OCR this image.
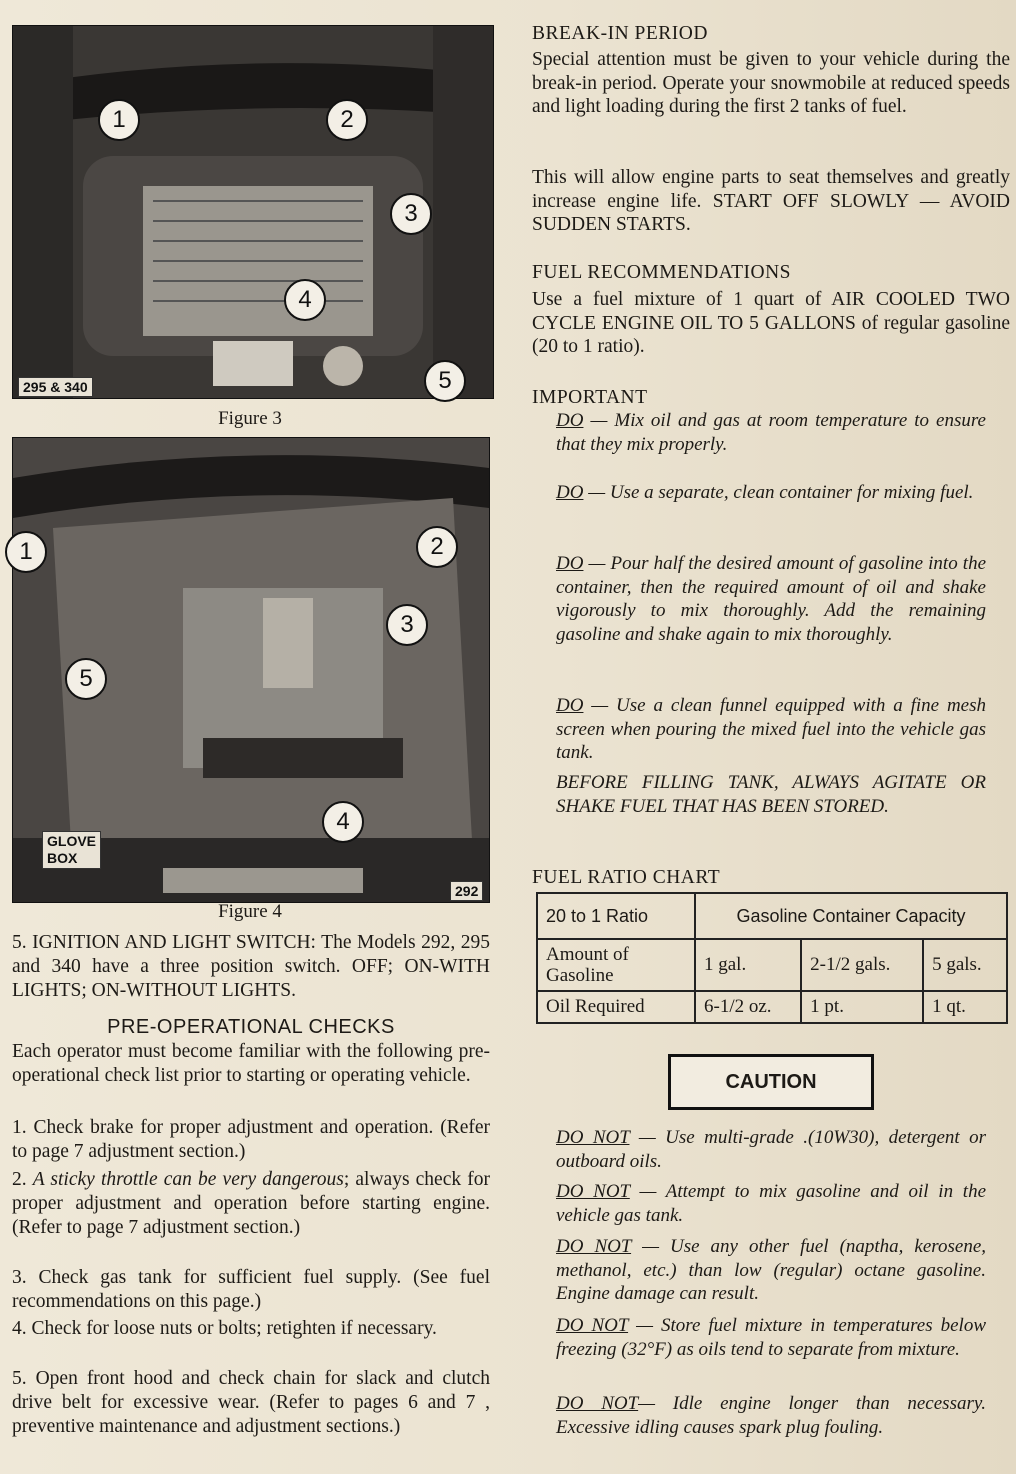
295 & 340
1	2
3
4
5
Figure 3
GLOVE
BOX
292
1	2
3
4
5
Figure 4
5. IGNITION AND LIGHT SWITCH: The Models 292, 295 and 340 have a three position switch. OFF; ON-WITH LIGHTS; ON-WITHOUT LIGHTS.
PRE-OPERATIONAL CHECKS
Each operator must become familiar with the following pre-operational check list prior to starting or operating vehicle.
1. Check brake for proper adjustment and operation. (Refer to page 7 adjustment section.)
2. A sticky throttle can be very dangerous; always check for proper adjustment and operation before starting engine. (Refer to page 7 adjustment section.)
3. Check gas tank for sufficient fuel supply. (See fuel recommendations on this page.)
4. Check for loose nuts or bolts; retighten if necessary.
5. Open front hood and check chain for slack and clutch drive belt for excessive wear. (Refer to pages 6 and 7 , preventive maintenance and adjustment sections.)
BREAK-IN PERIOD
Special attention must be given to your vehicle during the break-in period. Operate your snowmobile at reduced speeds and light loading during the first 2 tanks of fuel.
This will allow engine parts to seat themselves and greatly increase engine life. START OFF SLOWLY — AVOID SUDDEN STARTS.
FUEL RECOMMENDATIONS
Use a fuel mixture of 1 quart of AIR COOLED TWO CYCLE ENGINE OIL TO 5 GALLONS of regular gasoline (20 to 1 ratio).
IMPORTANT
DO — Mix oil and gas at room temperature to ensure that they mix properly.
DO — Use a separate, clean container for mixing fuel.
DO — Pour half the desired amount of gasoline into the container, then the required amount of oil and shake vigorously to mix thoroughly. Add the remaining gasoline and shake again to mix thoroughly.
DO — Use a clean funnel equipped with a fine mesh screen when pouring the mixed fuel into the vehicle gas tank.
BEFORE FILLING TANK, ALWAYS AGITATE OR SHAKE FUEL THAT HAS BEEN STORED.
FUEL RATIO CHART
20 to 1 Ratio	Gasoline Container Capacity		
Amount of Gasoline	1 gal.	2-1/2 gals.	5 gals.
Oil Required	6-1/2 oz.	1 pt.	1 qt.
CAUTION
DO NOT — Use multi-grade .(10W30), detergent or outboard oils.
DO NOT — Attempt to mix gasoline and oil in the vehicle gas tank.
DO NOT — Use any other fuel (naptha, kerosene, methanol, etc.) than low (regular) octane gasoline. Engine damage can result.
DO NOT — Store fuel mixture in temperatures below freezing (32°F) as oils tend to separate from mixture.
DO NOT— Idle engine longer than necessary. Excessive idling causes spark plug fouling.
